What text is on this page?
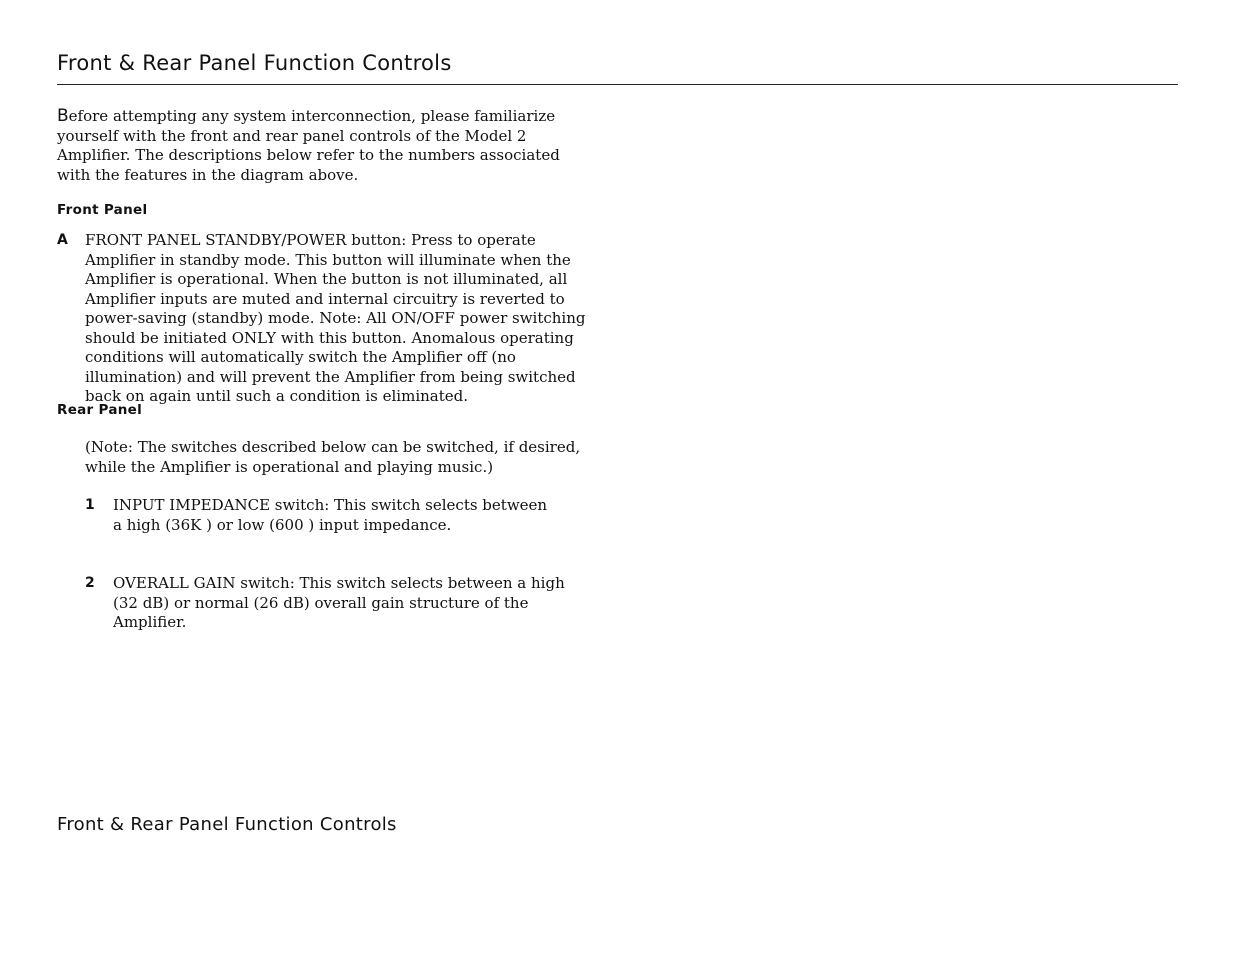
Front & Rear Panel Function Controls

Before attempting any system interconnection, please familiarize yourself with the front and rear panel controls of the Model 2 Amplifier. The descriptions below refer to the numbers associated with the features in the diagram above.

Front Panel
A FRONT PANEL STANDBY/POWER button: Press to operate Amplifier in standby mode. This button will illuminate when the Amplifier is operational. When the button is not illuminated, all Amplifier inputs are muted and internal circuitry is reverted to power-saving (standby) mode. Note: All ON/OFF power switching should be initiated ONLY with this button. Anomalous operating conditions will automatically switch the Amplifier off (no illumination) and will prevent the Amplifier from being switched back on again until such a condition is eliminated.

Rear Panel

(Note: The switches described below can be switched, if desired, while the Amplifier is operational and playing music.)

1 INPUT IMPEDANCE switch: This switch selects between a high (36K ) or low (600 ) input impedance.

2 OVERALL GAIN switch: This switch selects between a high (32 dB) or normal (26 dB) overall gain structure of the Amplifier.

Front & Rear Panel Function Controls
